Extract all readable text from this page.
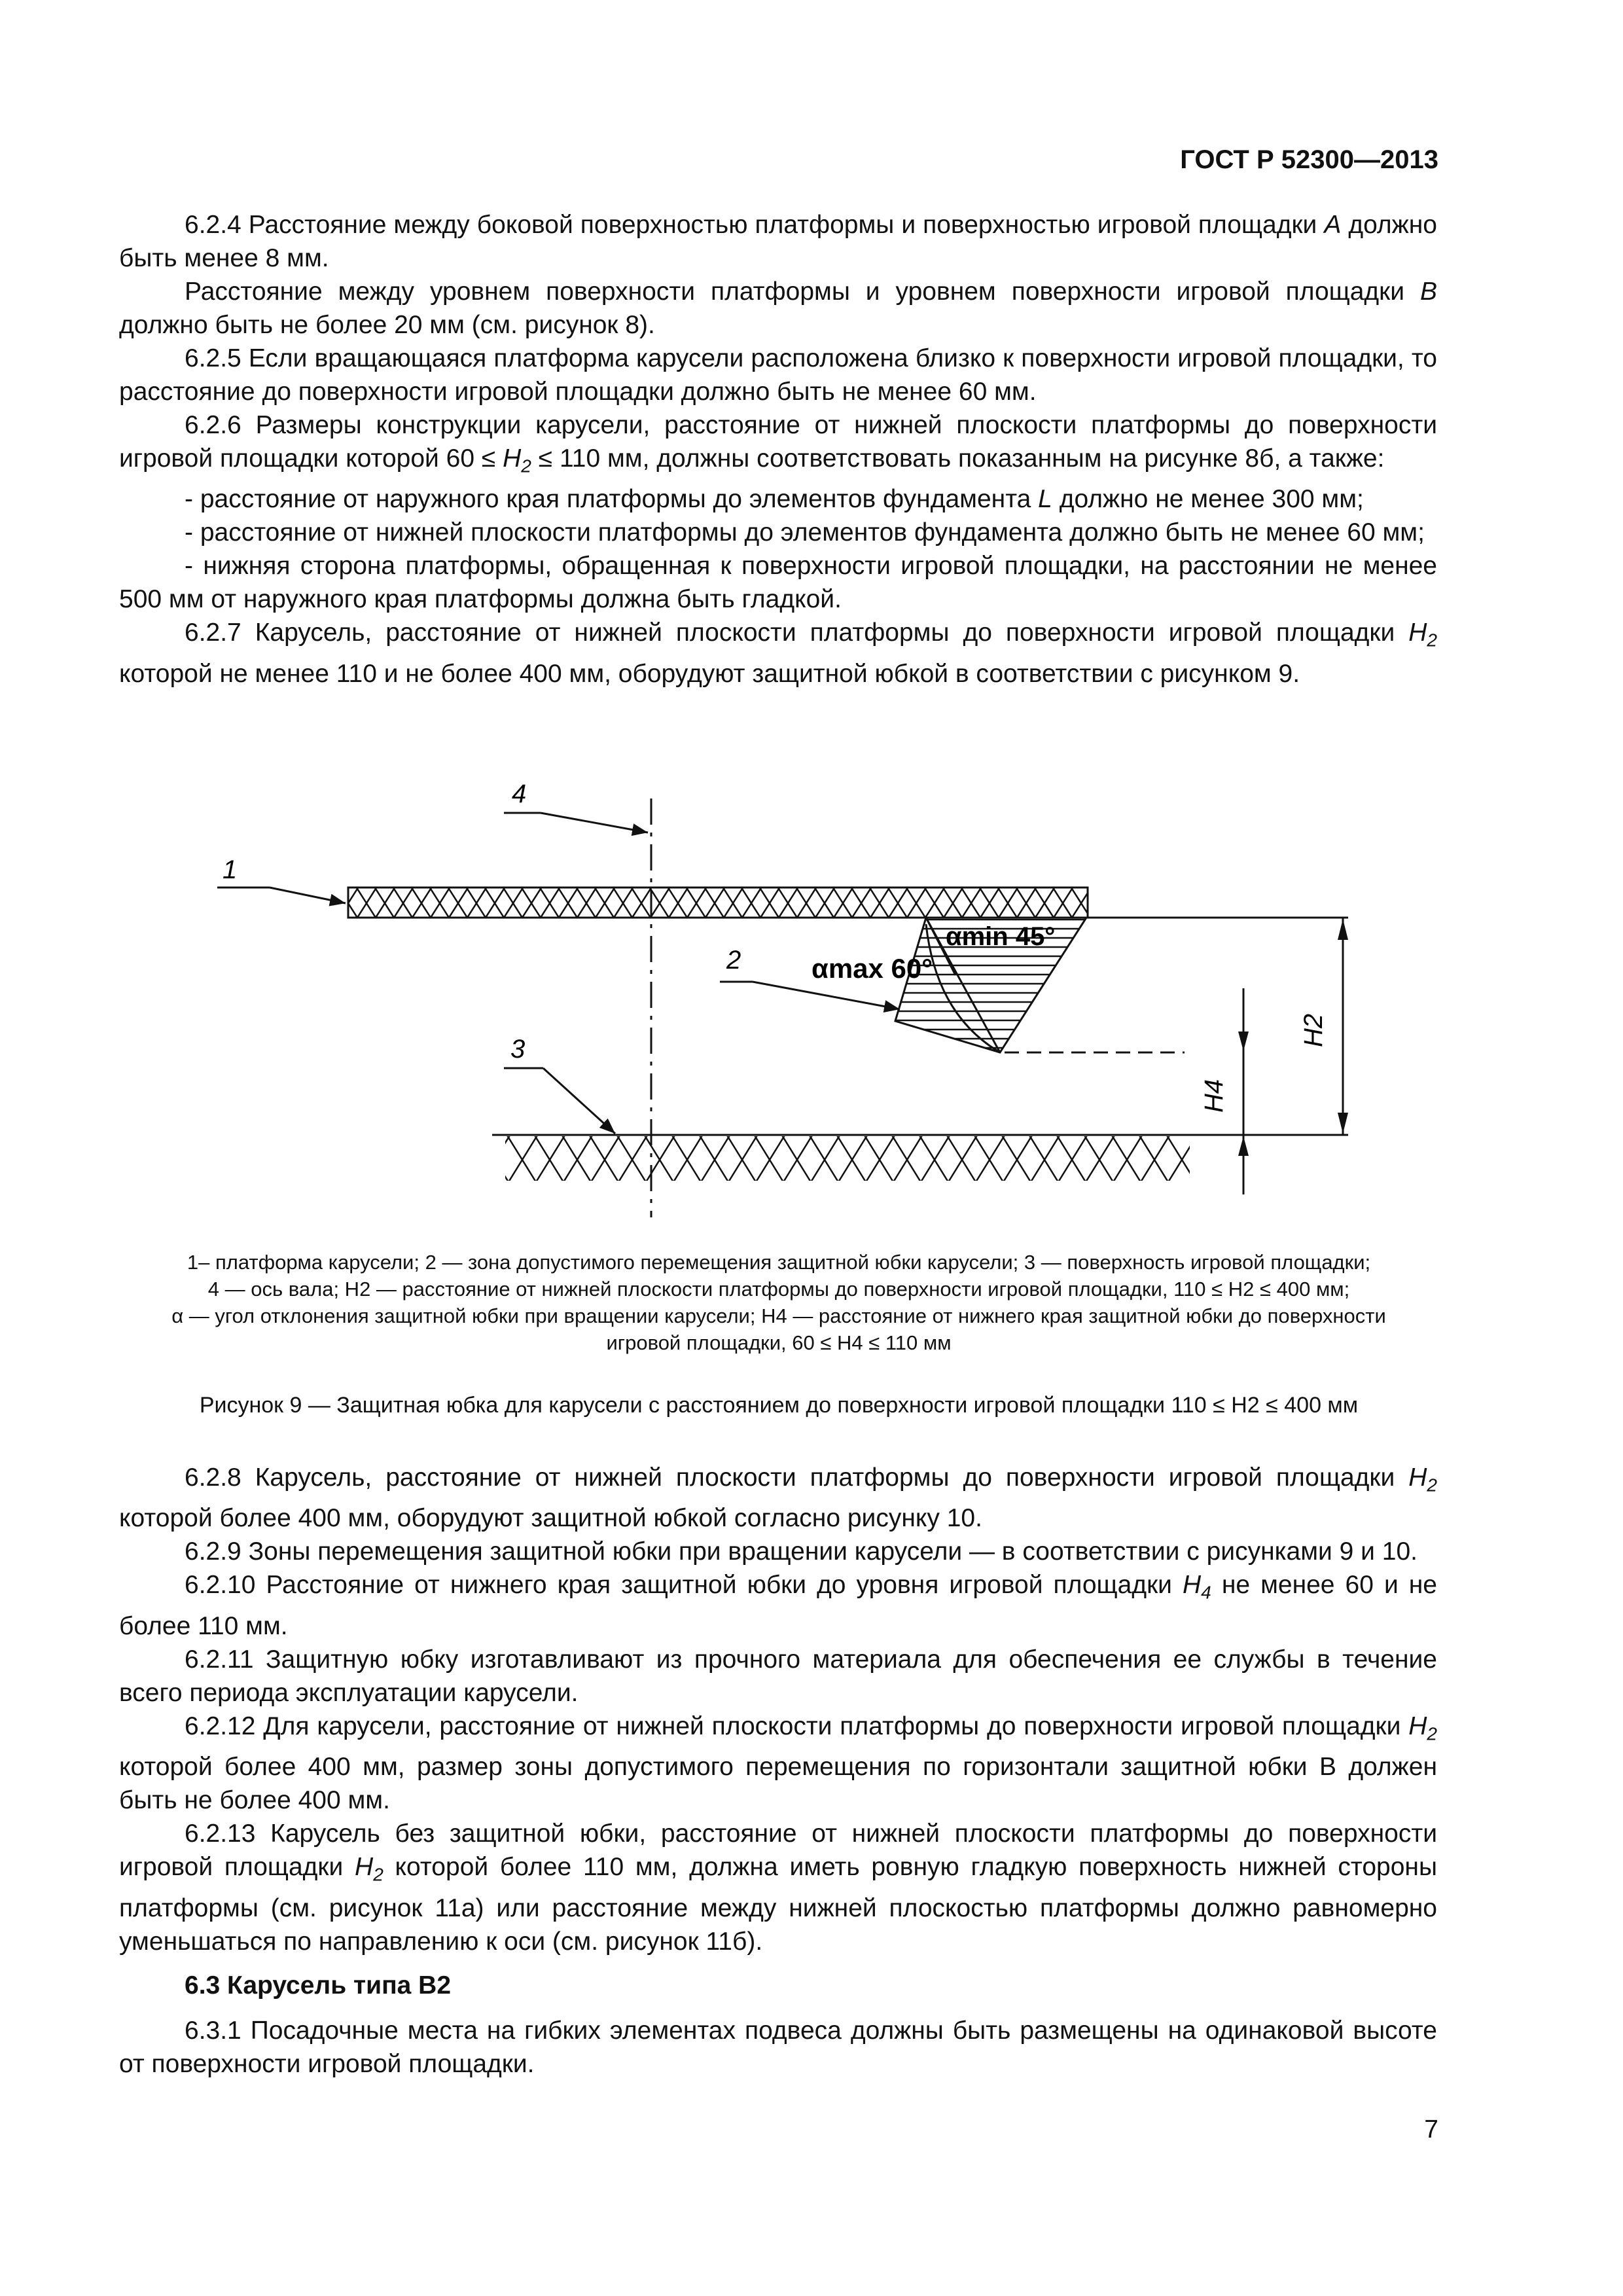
ГОСТ Р 52300—2013

6.2.4 Расстояние между боковой поверхностью платформы и поверхностью игровой площадки А должно быть менее 8 мм.

Расстояние между уровнем поверхности платформы и уровнем поверхности игровой площадки В должно быть не более 20 мм (см. рисунок 8).

6.2.5 Если вращающаяся платформа карусели расположена близко к поверхности игровой площадки, то расстояние до поверхности игровой площадки должно быть не менее 60 мм.

6.2.6 Размеры конструкции карусели, расстояние от нижней плоскости платформы до поверхности игровой площадки которой $60 \le H_2 \le 110$ мм, должны соответствовать показанным на рисунке 8б, а также:

- расстояние от наружного края платформы до элементов фундамента L должно не менее 300 мм;

- расстояние от нижней плоскости платформы до элементов фундамента должно быть не менее 60 мм;

- нижняя сторона платформы, обращенная к поверхности игровой площадки, на расстоянии не менее 500 мм от наружного края платформы должна быть гладкой.

6.2.7 Карусель, расстояние от нижней плоскости платформы до поверхности игровой площадки $H_2$ которой не менее 110 и не более 400 мм, оборудуют защитной юбкой в соответствии с рисунком 9.

4
1
2
3
αmax 60°
αmin 45°
H2
H4
1– платформа карусели; 2 — зона допустимого перемещения защитной юбки карусели; 3 — поверхность игровой площадки;
4 — ось вала; H2 — расстояние от нижней плоскости платформы до поверхности игровой площадки, 110 ≤ H2 ≤ 400 мм;
α — угол отклонения защитной юбки при вращении карусели; H4 — расстояние от нижнего края защитной юбки до поверхности
игровой площадки, 60 ≤ H4 ≤ 110 мм
Рисунок 9 — Защитная юбка для карусели с расстоянием до поверхности игровой площадки 110 ≤ H2 ≤ 400 мм

6.2.8 Карусель, расстояние от нижней плоскости платформы до поверхности игровой площадки $H_2$ которой более 400 мм, оборудуют защитной юбкой согласно рисунку 10.

6.2.9 Зоны перемещения защитной юбки при вращении карусели — в соответствии с рисунками 9 и 10.

6.2.10 Расстояние от нижнего края защитной юбки до уровня игровой площадки $H_4$ не менее 60 и не более 110 мм.

6.2.11 Защитную юбку изготавливают из прочного материала для обеспечения ее службы в течение всего периода эксплуатации карусели.

6.2.12 Для карусели, расстояние от нижней плоскости платформы до поверхности игровой площадки $H_2$ которой более 400 мм, размер зоны допустимого перемещения по горизонтали защитной юбки В должен быть не более 400 мм.

6.2.13 Карусель без защитной юбки, расстояние от нижней плоскости платформы до поверхности игровой площадки $H_2$ которой более 110 мм, должна иметь ровную гладкую поверхность нижней стороны платформы (см. рисунок 11а) или расстояние между нижней плоскостью платформы должно равномерно уменьшаться по направлению к оси (см. рисунок 11б).

6.3 Карусель типа В2

6.3.1 Посадочные места на гибких элементах подвеса должны быть размещены на одинаковой высоте от поверхности игровой площадки.

7
